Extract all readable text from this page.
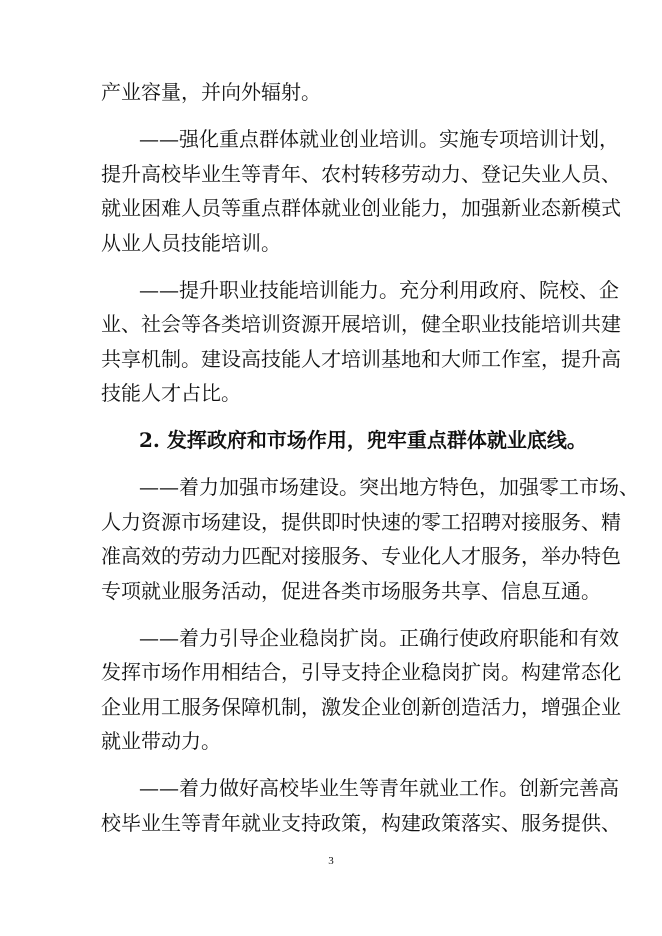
产业容量，并向外辐射。
——强化重点群体就业创业培训。实施专项培训计划，
提升高校毕业生等青年、农村转移劳动力、登记失业人员、
就业困难人员等重点群体就业创业能力，加强新业态新模式
从业人员技能培训。
——提升职业技能培训能力。充分利用政府、院校、企
业、社会等各类培训资源开展培训，健全职业技能培训共建
共享机制。建设高技能人才培训基地和大师工作室，提升高
技能人才占比。
2. 发挥政府和市场作用，兜牢重点群体就业底线。
——着力加强市场建设。突出地方特色，加强零工市场、
人力资源市场建设，提供即时快速的零工招聘对接服务、精
准高效的劳动力匹配对接服务、专业化人才服务，举办特色
专项就业服务活动，促进各类市场服务共享、信息互通。
——着力引导企业稳岗扩岗。正确行使政府职能和有效
发挥市场作用相结合，引导支持企业稳岗扩岗。构建常态化
企业用工服务保障机制，激发企业创新创造活力，增强企业
就业带动力。
——着力做好高校毕业生等青年就业工作。创新完善高
校毕业生等青年就业支持政策，构建政策落实、服务提供、
3
